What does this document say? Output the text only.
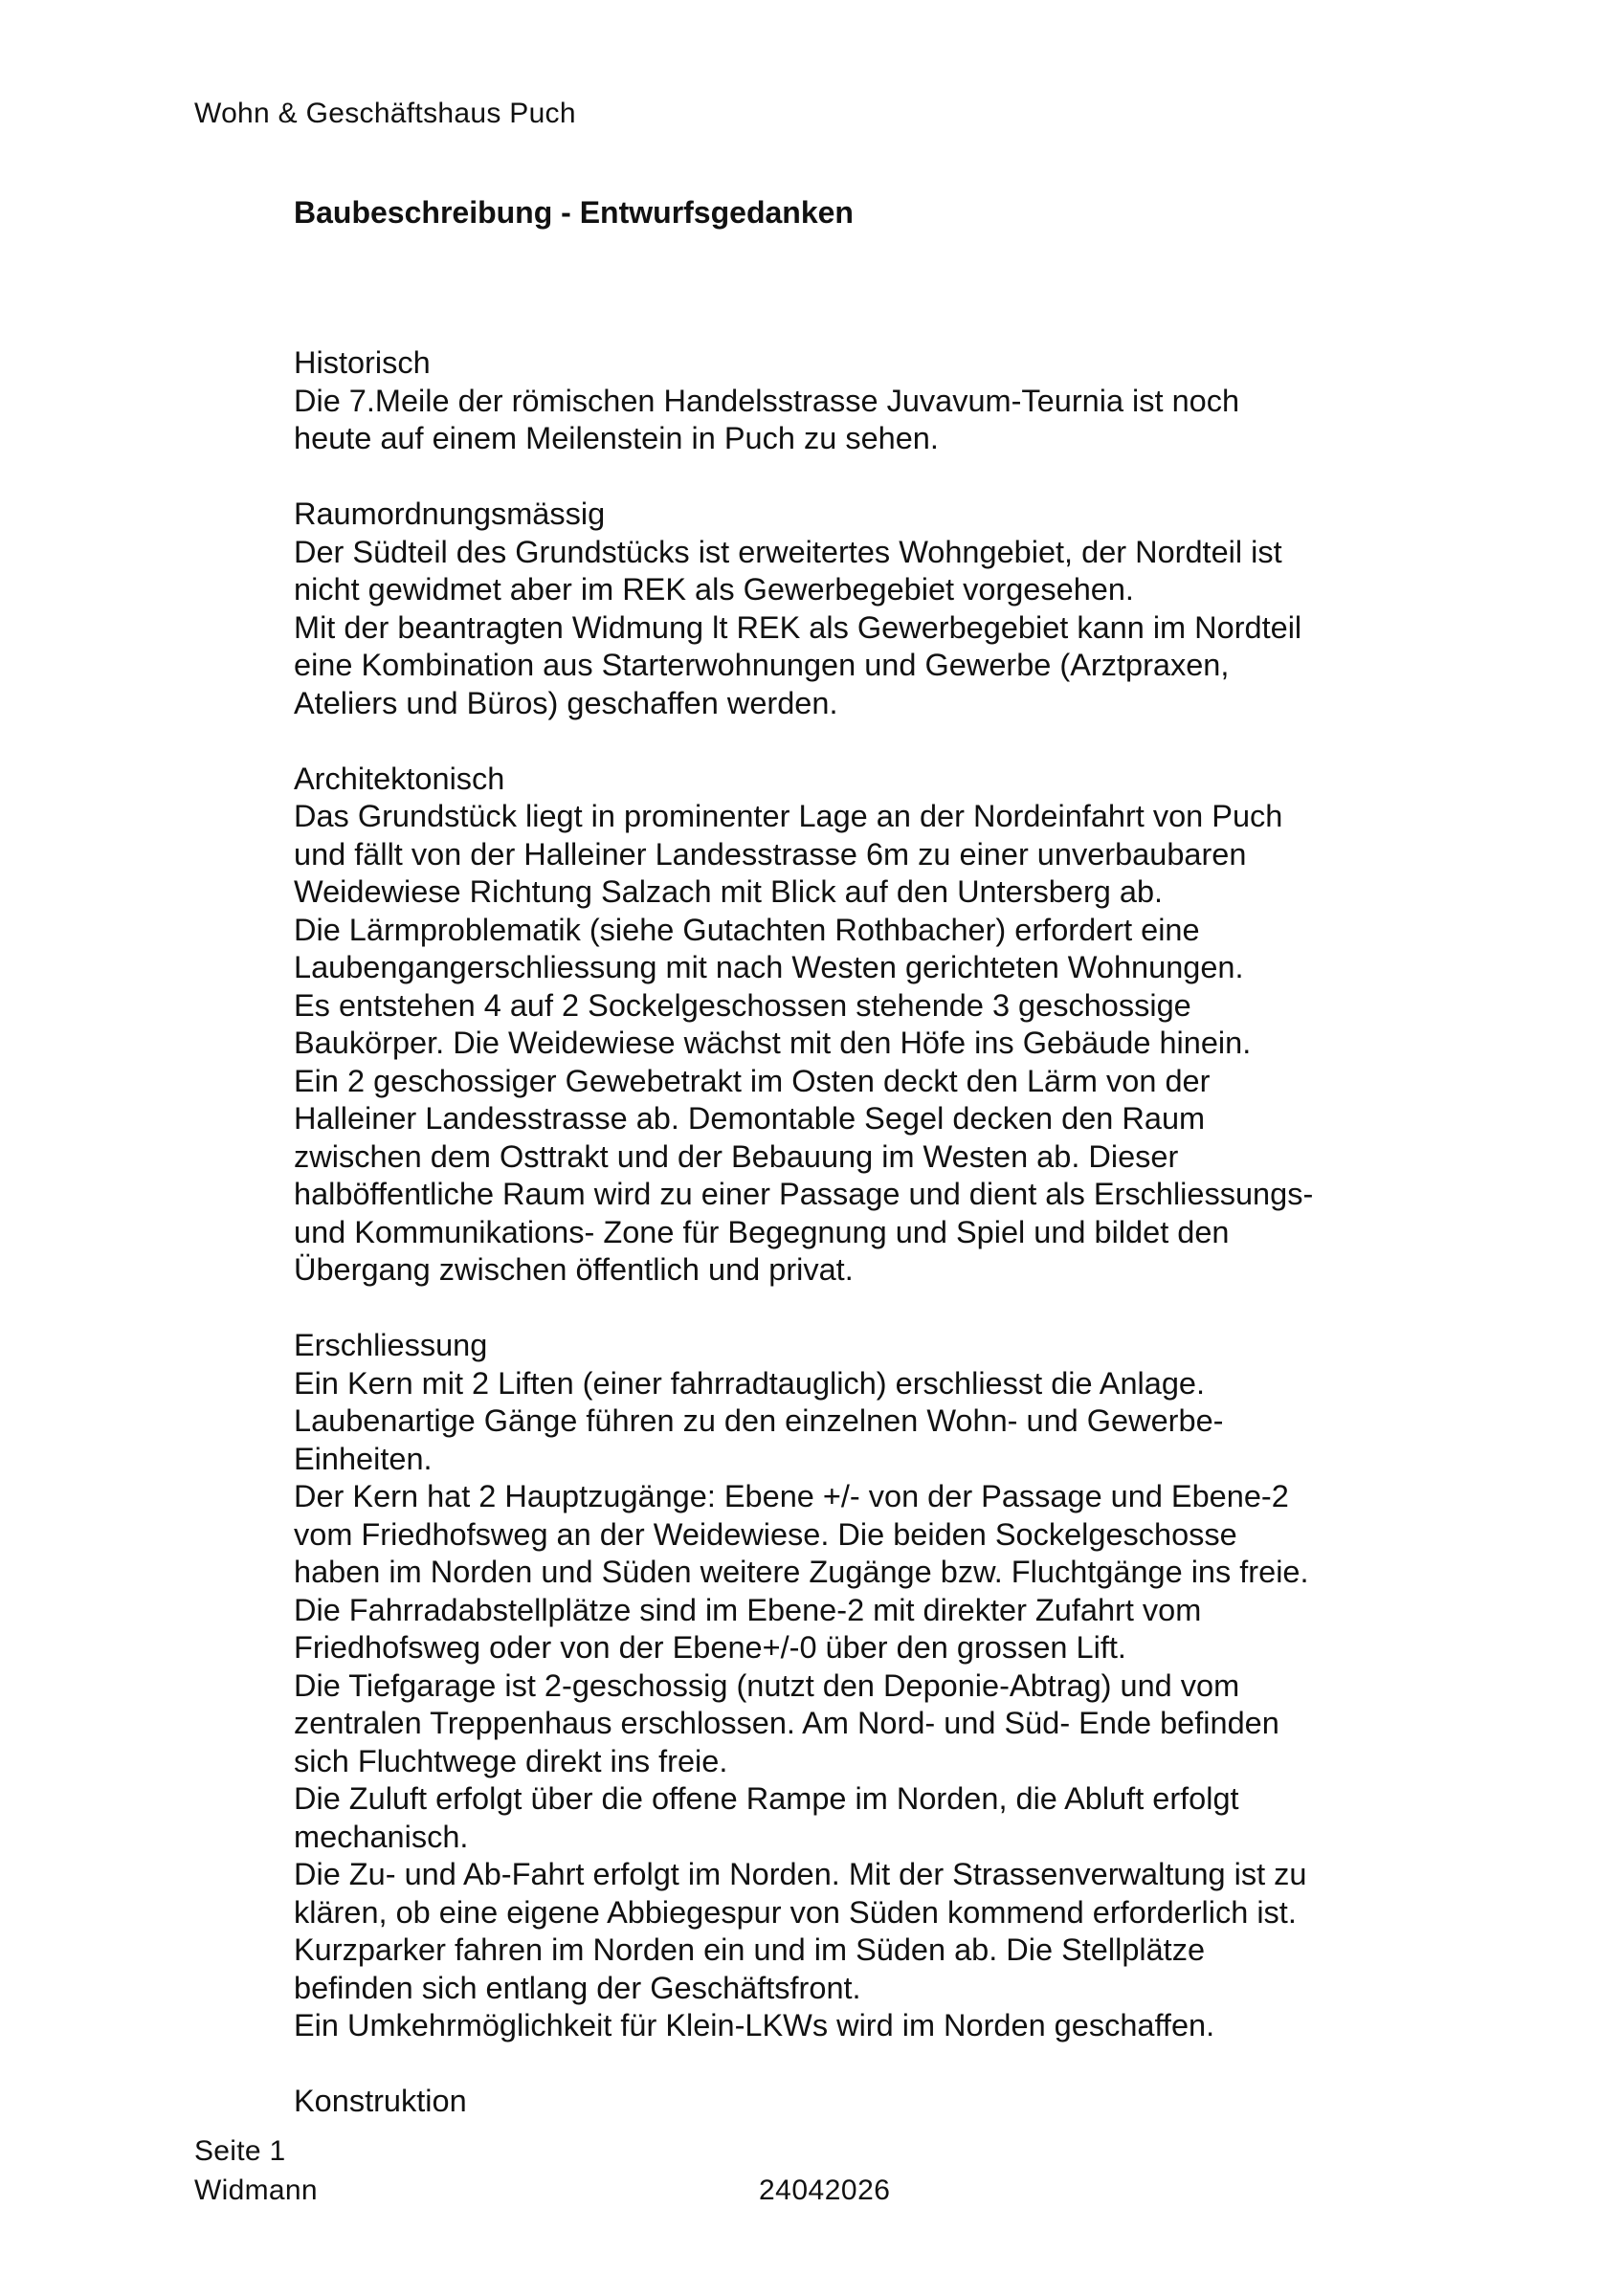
Wohn & Geschäftshaus Puch
Baubeschreibung - Entwurfsgedanken
Historisch
Die 7.Meile der römischen Handelsstrasse Juvavum-Teurnia ist noch
heute auf einem Meilenstein in Puch zu sehen.
Raumordnungsmässig
Der Südteil des Grundstücks ist erweitertes Wohngebiet, der Nordteil ist
nicht gewidmet aber im REK als Gewerbegebiet vorgesehen.
Mit der beantragten Widmung lt REK als Gewerbegebiet kann im Nordteil
eine Kombination aus Starterwohnungen und Gewerbe (Arztpraxen,
Ateliers und Büros) geschaffen werden.
Architektonisch
Das Grundstück liegt in prominenter Lage an der Nordeinfahrt von Puch
und fällt von der Halleiner Landesstrasse 6m zu einer unverbaubaren
Weidewiese Richtung Salzach mit Blick auf den Untersberg ab.
Die Lärmproblematik (siehe Gutachten Rothbacher) erfordert eine
Laubengangerschliessung mit nach Westen gerichteten Wohnungen.
Es entstehen 4 auf 2 Sockelgeschossen stehende 3 geschossige
Baukörper. Die Weidewiese wächst mit den Höfe ins Gebäude hinein.
Ein 2 geschossiger Gewebetrakt im Osten deckt den Lärm von der
Halleiner Landesstrasse ab. Demontable Segel decken den Raum
zwischen dem Osttrakt und der Bebauung im Westen ab. Dieser
halböffentliche Raum wird zu einer Passage und dient als Erschliessungs-
und Kommunikations- Zone für Begegnung und Spiel und bildet den
Übergang zwischen öffentlich und privat.
Erschliessung
Ein Kern mit 2 Liften (einer fahrradtauglich) erschliesst die Anlage.
Laubenartige Gänge führen zu den einzelnen Wohn- und Gewerbe-
Einheiten.
Der Kern hat 2 Hauptzugänge: Ebene +/- von der Passage und Ebene-2
vom Friedhofsweg an der Weidewiese. Die beiden Sockelgeschosse
haben im Norden und Süden weitere Zugänge bzw. Fluchtgänge ins freie.
Die Fahrradabstellplätze sind im Ebene-2 mit direkter Zufahrt vom
Friedhofsweg oder von der Ebene+/-0 über den grossen Lift.
Die Tiefgarage ist 2-geschossig (nutzt den Deponie-Abtrag) und vom
zentralen Treppenhaus erschlossen. Am Nord- und Süd- Ende befinden
sich Fluchtwege direkt ins freie.
Die Zuluft erfolgt über die offene Rampe im Norden, die Abluft erfolgt
mechanisch.
Die Zu- und Ab-Fahrt erfolgt im Norden. Mit der Strassenverwaltung ist zu
klären, ob eine eigene Abbiegespur von Süden kommend erforderlich ist.
Kurzparker fahren im Norden ein und im Süden ab. Die Stellplätze
befinden sich entlang der Geschäftsfront.
Ein Umkehrmöglichkeit für Klein-LKWs wird im Norden geschaffen.
Konstruktion
Seite 1
Widmann	24042026
